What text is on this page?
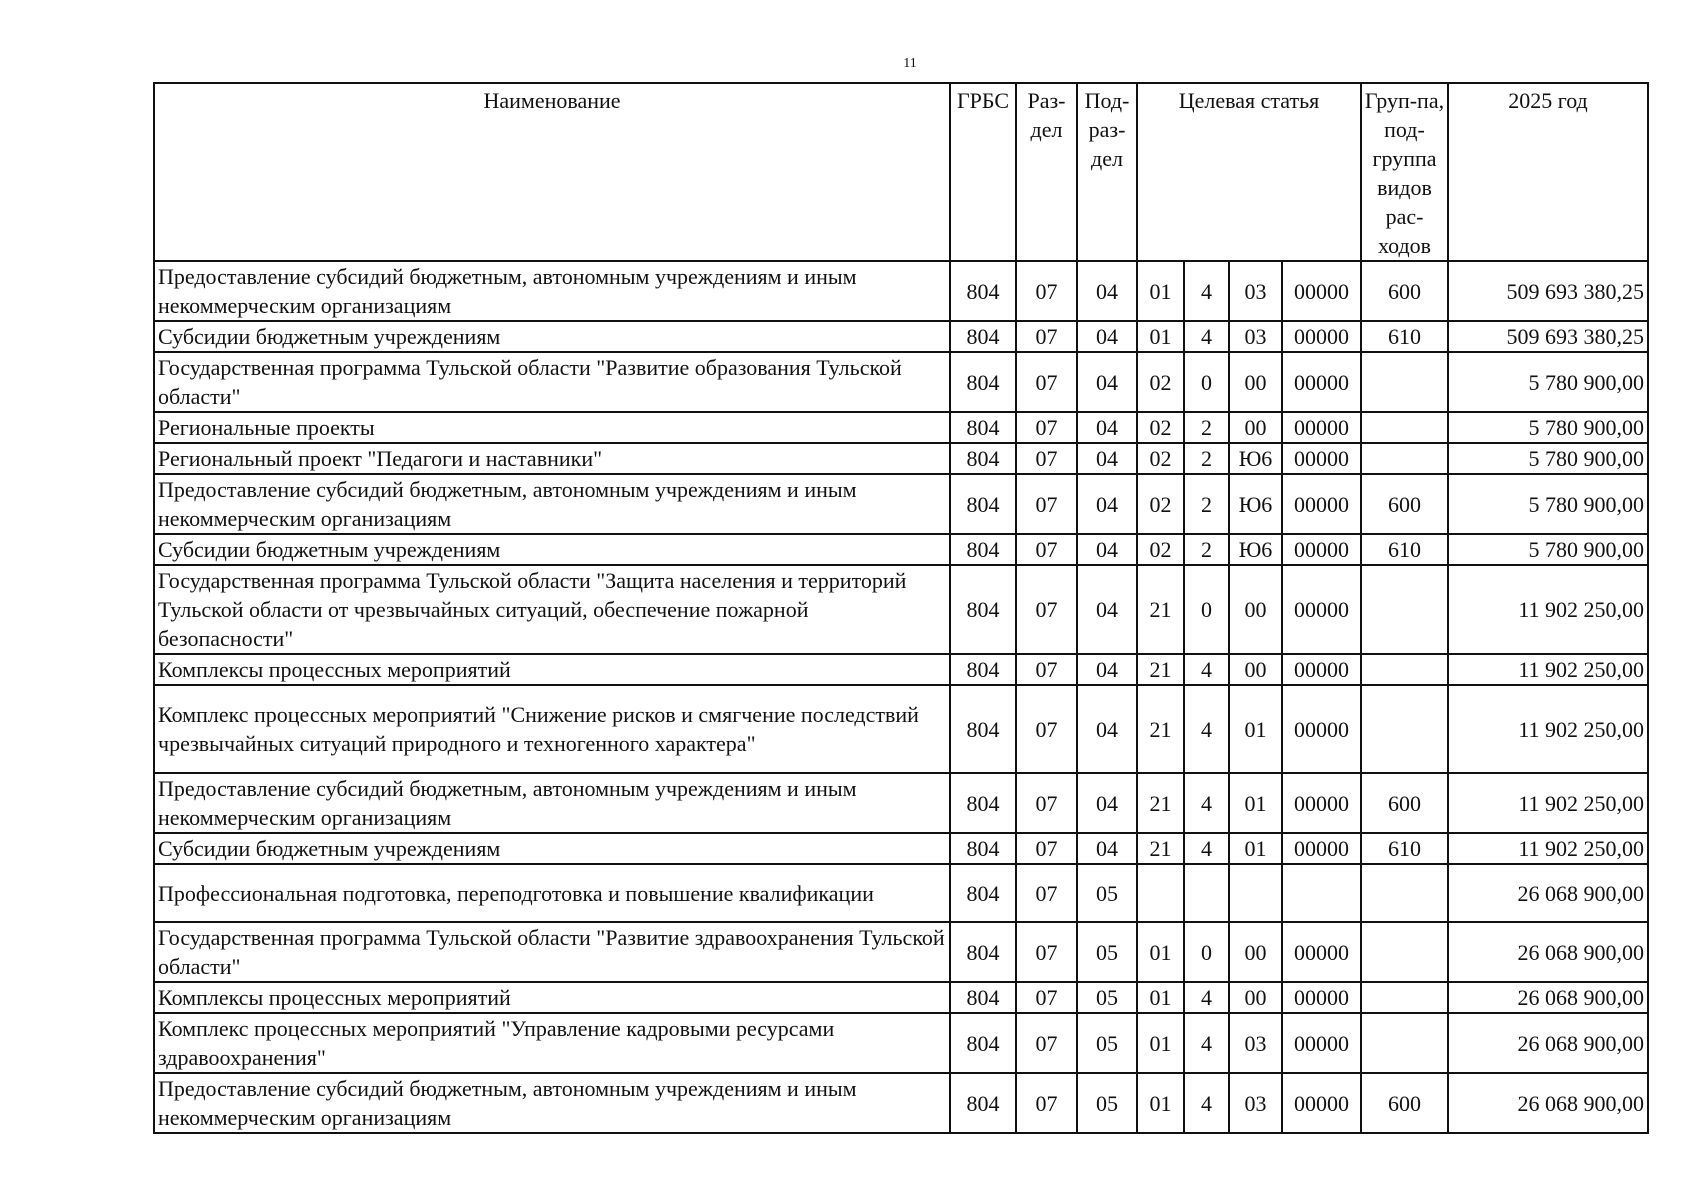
11
Наименование	ГРБС	Раз-дел	Под-раз-дел	Целевая статья				Груп-па, под-группа видов рас-ходов	2025 год
Предоставление субсидий бюджетным, автономным учреждениям и иным некоммерческим организациям	804	07	04	01	4	03	00000	600	509 693 380,25
Субсидии бюджетным учреждениям	804	07	04	01	4	03	00000	610	509 693 380,25
Государственная программа Тульской области "Развитие образования Тульской области"	804	07	04	02	0	00	00000		5 780 900,00
Региональные проекты	804	07	04	02	2	00	00000		5 780 900,00
Региональный проект "Педагоги и наставники"	804	07	04	02	2	Ю6	00000		5 780 900,00
Предоставление субсидий бюджетным, автономным учреждениям и иным некоммерческим организациям	804	07	04	02	2	Ю6	00000	600	5 780 900,00
Субсидии бюджетным учреждениям	804	07	04	02	2	Ю6	00000	610	5 780 900,00
Государственная программа Тульской области "Защита населения и территорий Тульской области от чрезвычайных ситуаций, обеспечение пожарной безопасности"	804	07	04	21	0	00	00000		11 902 250,00
Комплексы процессных мероприятий	804	07	04	21	4	00	00000		11 902 250,00
Комплекс процессных мероприятий "Снижение рисков и смягчение последствий чрезвычайных ситуаций природного и техногенного характера"	804	07	04	21	4	01	00000		11 902 250,00
Предоставление субсидий бюджетным, автономным учреждениям и иным некоммерческим организациям	804	07	04	21	4	01	00000	600	11 902 250,00
Субсидии бюджетным учреждениям	804	07	04	21	4	01	00000	610	11 902 250,00
Профессиональная подготовка, переподготовка и повышение квалификации	804	07	05						26 068 900,00
Государственная программа Тульской области "Развитие здравоохранения Тульской области"	804	07	05	01	0	00	00000		26 068 900,00
Комплексы процессных мероприятий	804	07	05	01	4	00	00000		26 068 900,00
Комплекс процессных мероприятий "Управление кадровыми ресурсами здравоохранения"	804	07	05	01	4	03	00000		26 068 900,00
Предоставление субсидий бюджетным, автономным учреждениям и иным некоммерческим организациям	804	07	05	01	4	03	00000	600	26 068 900,00
